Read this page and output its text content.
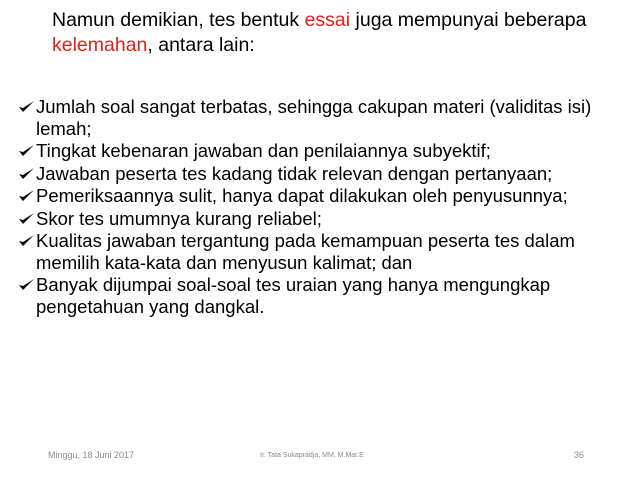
Namun demikian, tes bentuk essai juga mempunyai beberapa kelemahan, antara lain:
Jumlah soal sangat terbatas, sehingga cakupan materi (validitas isi) lemah;
Tingkat kebenaran jawaban dan penilaiannya subyektif;
Jawaban peserta tes kadang tidak relevan dengan pertanyaan;
Pemeriksaannya sulit, hanya dapat dilakukan oleh penyusunnya;
Skor tes umumnya kurang reliabel;
Kualitas jawaban tergantung pada kemampuan peserta tes dalam memilih kata-kata dan menyusun kalimat; dan
Banyak dijumpai soal-soal tes uraian yang hanya mengungkap pengetahuan yang dangkal.
Minggu, 18 Juni 2017	Ir. Tata Sukapradja, MM, M.Mar.E	36
